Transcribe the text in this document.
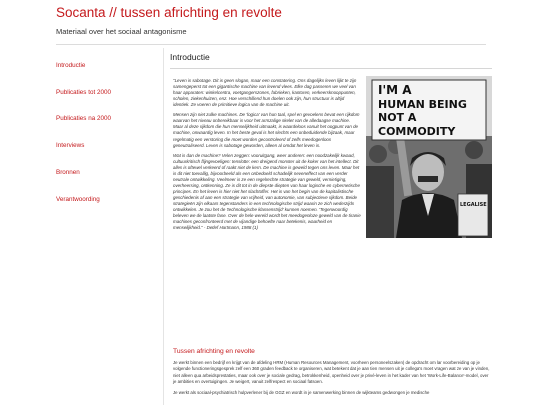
Socanta // tussen africhting en revolte
Materiaal over het sociaal antagonisme
Introductie
Publicaties tot 2000
Publicaties na 2000
Interviews
Bronnen
Verantwoording
Introductie

"Leven is sabotage. Dit is geen slogan, maar een constatering. Ons dagelijks leven lijkt te zijn samengeperst tot een gigantische machine van levend vlees. Elke dag passeren we veel van haar apparaten: winkelcentra, voetgangerszones, fabrieken, kantoren, verkeersknooppunten, scholen, ziekenhuizen, enz. Hoe verschillend hun doelen ook zijn, hun structuur is altijd identiek. Ze voeren de primitieve logica van de machine uit.

Mensen zijn niet zulke machines. De 'logica' van hun taal, spel en gevoelens bevat een rijkdom waarvan het niveau onbereikbaar is voor het armzalige skelet van de alledaagse machine. Maar al deze rijkdom die hun menselijkheid uitmaakt, is waardeloos vanuit het oogpunt van de machine, onwaardig leven. In het beste geval is het slechts een onbeduidende bijzaak, maar regelmatig een verstoring die moet worden gecontroleerd of zelfs meedogenloos geneutraliseerd. Leven is sabotage geworden, alleen al omdat het leven is.

Wat is dan de machine? Velen zeggen: vooruitgang, weer anderen: een noodzakelijk kwaad, cultuurkritisch flijngevoeligen: tenslotte: een dreigend monster uit de koker van het intellect. Dit alles is oftewel verkeerd of raakt niet de kern. De machine is geweld tegen ons leven. Maar het is dit niet toevallig, bijvoorbeeld als een onbedoeld schadelijk neveneffect van een verder neutrale ontwikkeling. Veelmeer is ze een regelrechte strategie van geweld, vernietiging, overheersing, ontkenning. Ze is dit tot in de diepste diepten van haar logische en cybernetische principes. En het leven is hier niet het slachtoffer. Het is van het begin van de kapitalistische geschiedenis af aan een strategie van vrijheid, van autonomie, van subjectieve rijkdom. Beide strategieën zijn elkaars tegenstanders in een technologische strijd waarin ze zich wederzijds ontwikkelen. Je zou het de 'technologische klassenstrijd' kunnen noemen. 'Tegenwoordig beleven we de laatste fase. Over de hele wereld wordt het meedogenloze geweld van de tiranie machines geconfronteerd met de vijandige behoefte naar betekenis, waarheid en menselijkheid." - Detlef Hartmann, 1988 (1)

I'M A
HUMAN BEING
NOT A
COMMODITY
LEGALISE
Tussen africhting en revolte

Je werkt binnen een bedrijf en krijgt van de afdeling HRM (Human Resources Management, voorheen personeelszaken) de opdracht om lar voorbereiding op je volgende functioneringsgesprek zelf een 360 graden feedback te organiseren, wat betekent dat je aan tien mensen uit je collega's moet vragen wat ze van je vinden, niet alleen qua arbeidsprestaties, maar ook over je sociale gedrag, betrokkenheid, openheid over je privé-leven in het kader van het 'Work-Life-Balance'-model, over je ambities en overtuigingen. Je weigert, vanuit zelfrespect en sociaal fatsoen.

Je werkt als sociaal-psychiatrisch hulpverlener bij de GGZ en wordt in je samenwerking binnen de wijkteams gedwongen je medische
